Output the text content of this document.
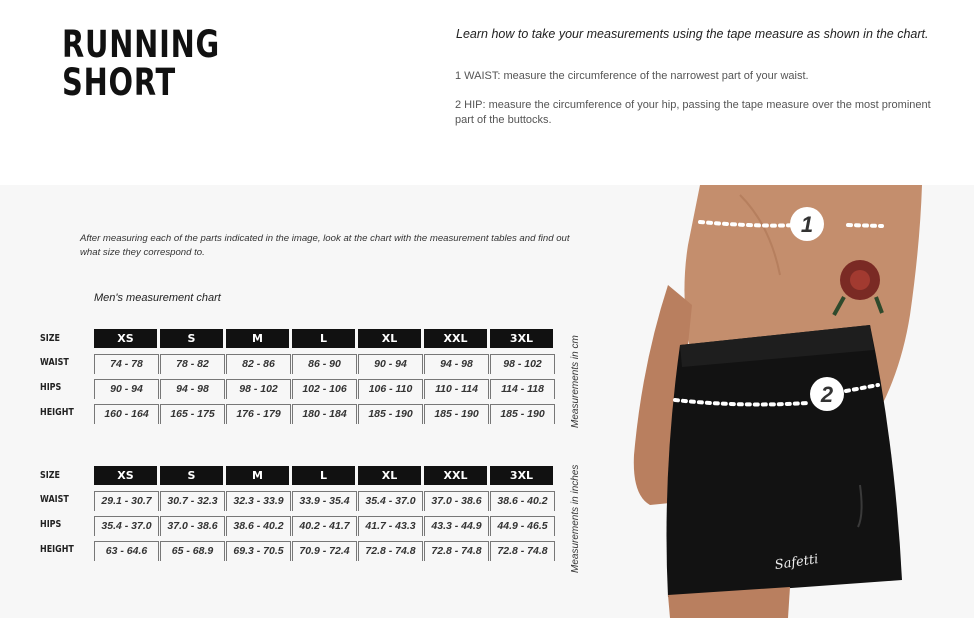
RUNNING
SHORT
Learn how to take your measurements using the tape measure as shown in the chart.
1 WAIST: measure the circumference of the narrowest part of your waist.
2 HIP: measure the circumference of your hip, passing the tape measure over the most prominent part of the buttocks.
After measuring each of the parts indicated in the image, look at the chart with the measurement tables and find out what size they correspond to.
Men's measurement chart
SIZE	XS	S	M	L	XL	XXL	3XL
WAIST	74 - 78	78 - 82	82 - 86	86 - 90	90 - 94	94 - 98	98 - 102
HIPS	90 - 94	94 - 98	98 - 102	102 - 106	106 - 110	110 - 114	114 - 118
HEIGHT	160 - 164	165 - 175	176 - 179	180 - 184	185 - 190	185 - 190	185 - 190	Measurements in cm
SIZE	XS	S	M	L	XL	XXL	3XL
WAIST	29.1 - 30.7	30.7 - 32.3	32.3 - 33.9	33.9 - 35.4	35.4 - 37.0	37.0 - 38.6	38.6 - 40.2
HIPS	35.4 - 37.0	37.0 - 38.6	38.6 - 40.2	40.2 - 41.7	41.7 - 43.3	43.3 - 44.9	44.9 - 46.5
HEIGHT	63 - 64.6	65 - 68.9	69.3 - 70.5	70.9 - 72.4	72.8 - 74.8	72.8 - 74.8	72.8 - 74.8	Measurements in inches	Safetti
1
2
